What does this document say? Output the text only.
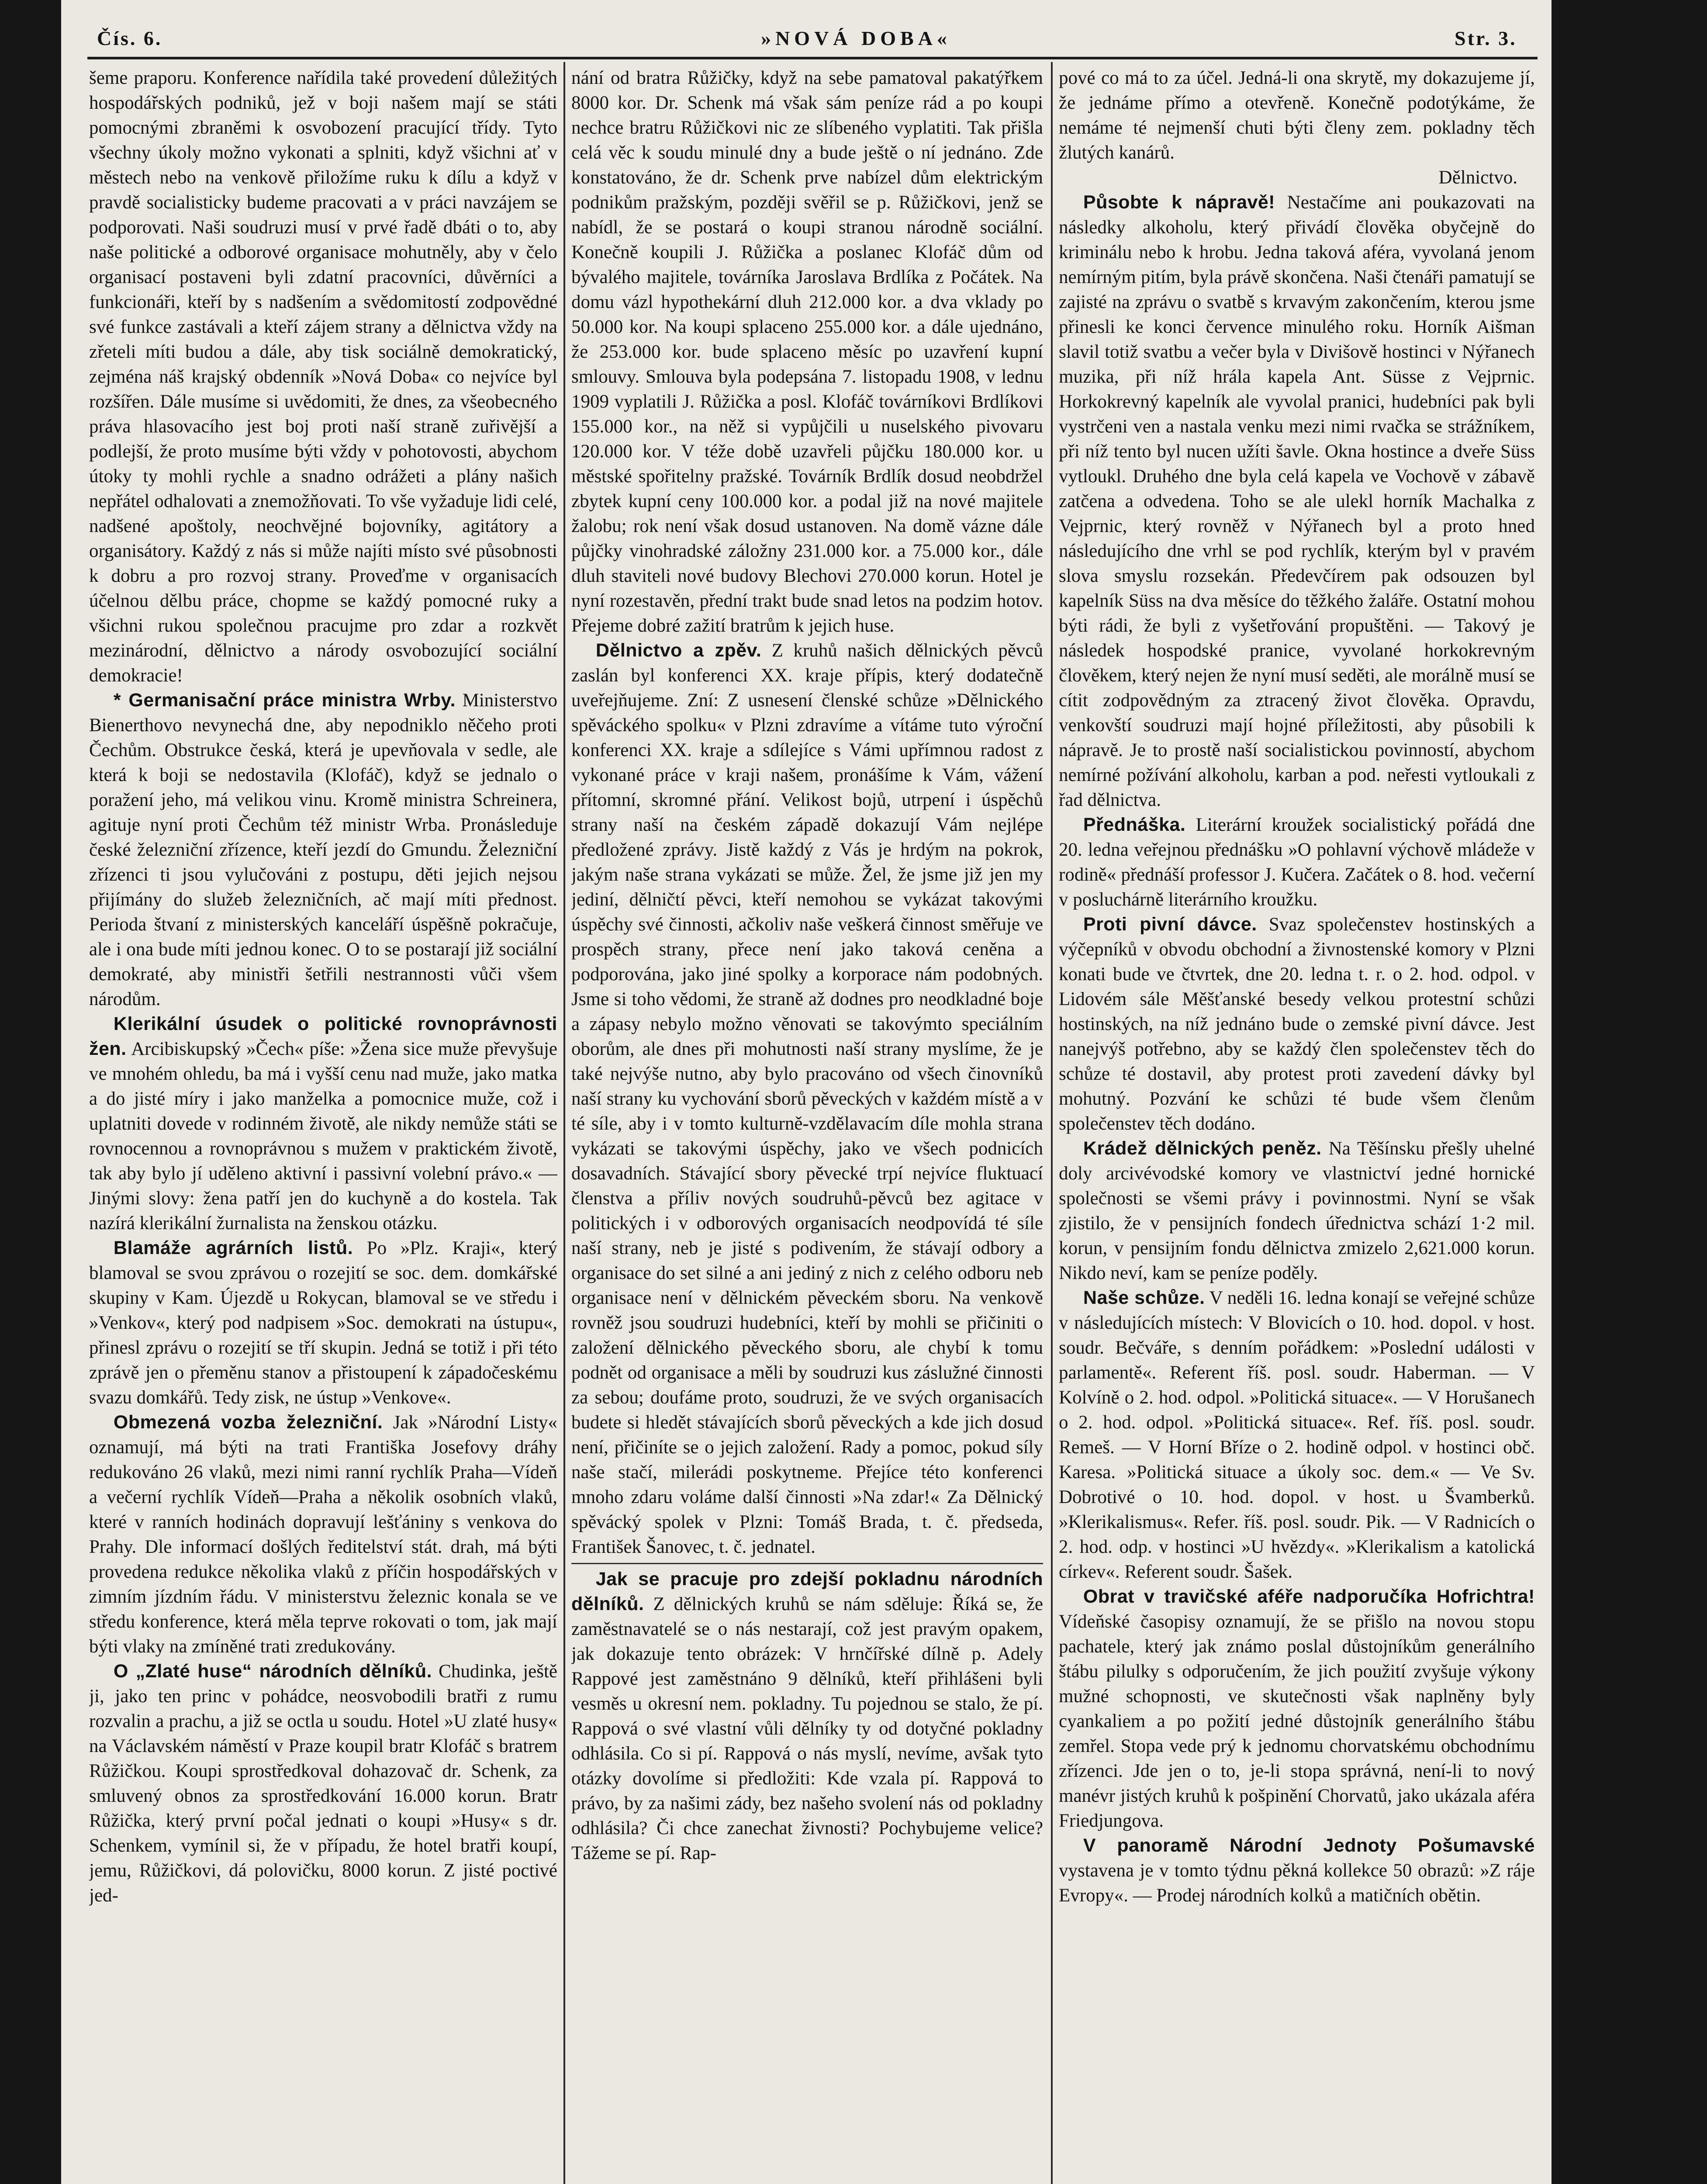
Čís. 6.	»NOVÁ DOBA«	Str. 3.

šeme praporu. Konference nařídila také provedení důležitých hospodářských podniků, jež v boji našem mají se státi pomocnými zbraněmi k osvobození pracující třídy. Tyto všechny úkoly možno vykonati a splniti, když všichni ať v městech nebo na venkově přiložíme ruku k dílu a když v pravdě socialisticky budeme pracovati a v práci navzájem se podporovati. Naši soudruzi musí v prvé řadě dbáti o to, aby naše politické a odborové organisace mohutněly, aby v čelo organisací postaveni byli zdatní pracovníci, důvěrníci a funkcionáři, kteří by s nadšením a svědomitostí zodpovědné své funkce zastávali a kteří zájem strany a dělnictva vždy na zřeteli míti budou a dále, aby tisk sociálně demokratický, zejména náš krajský obdenník »Nová Doba« co nejvíce byl rozšířen. Dále musíme si uvědomiti, že dnes, za všeobecného práva hlasovacího jest boj proti naší straně zuřivější a podlejší, že proto musíme býti vždy v pohotovosti, abychom útoky ty mohli rychle a snadno odrážeti a plány našich nepřátel odhalovati a znemožňovati. To vše vyžaduje lidi celé, nadšené apoštoly, neochvějné bojovníky, agitátory a organisátory. Každý z nás si může najíti místo své působnosti k dobru a pro rozvoj strany. Proveďme v organisacích účelnou dělbu práce, chopme se každý pomocné ruky a všichni rukou společnou pracujme pro zdar a rozkvět mezinárodní, dělnictvo a národy osvobozující sociální demokracie!

* Germanisační práce ministra Wrby. Ministerstvo Bienerthovo nevynechá dne, aby nepodniklo něčeho proti Čechům. Obstrukce česká, která je upevňovala v sedle, ale která k boji se nedostavila (Klofáč), když se jednalo o poražení jeho, má velikou vinu. Kromě ministra Schreinera, agituje nyní proti Čechům též ministr Wrba. Pronásleduje české železniční zřízence, kteří jezdí do Gmundu. Železniční zřízenci ti jsou vylučováni z postupu, děti jejich nejsou přijímány do služeb železničních, ač mají míti přednost. Perioda štvaní z ministerských kanceláří úspěšně pokračuje, ale i ona bude míti jednou konec. O to se postarají již sociální demokraté, aby ministři šetřili nestrannosti vůči všem národům.

Klerikální úsudek o politické rovnoprávnosti žen. Arcibiskupský »Čech« píše: »Žena sice muže převyšuje ve mnohém ohledu, ba má i vyšší cenu nad muže, jako matka a do jisté míry i jako manželka a pomocnice muže, což i uplatniti dovede v rodinném životě, ale nikdy nemůže státi se rovnocennou a rovnoprávnou s mužem v praktickém životě, tak aby bylo jí uděleno aktivní i passivní volební právo.« — Jinými slovy: žena patří jen do kuchyně a do kostela. Tak nazírá klerikální žurnalista na ženskou otázku.

Blamáže agrárních listů. Po »Plz. Kraji«, který blamoval se svou zprávou o rozejití se soc. dem. domkářské skupiny v Kam. Újezdě u Rokycan, blamoval se ve středu i »Venkov«, který pod nadpisem »Soc. demokrati na ústupu«, přinesl zprávu o rozejití se tří skupin. Jedná se totiž i při této zprávě jen o přeměnu stanov a přistoupení k západočeskému svazu domkářů. Tedy zisk, ne ústup »Venkove«.

Obmezená vozba železniční. Jak »Národní Listy« oznamují, má býti na trati Františka Josefovy dráhy redukováno 26 vlaků, mezi nimi ranní rychlík Praha—Vídeň a večerní rychlík Vídeň—Praha a několik osobních vlaků, které v ranních hodinách dopravují lešťániny s venkova do Prahy. Dle informací došlých ředitelství stát. drah, má býti provedena redukce několika vlaků z příčin hospodářských v zimním jízdním řádu. V ministerstvu železnic konala se ve středu konference, která měla teprve rokovati o tom, jak mají býti vlaky na zmíněné trati zredukovány.

O „Zlaté huse“ národních dělníků. Chudinka, ještě ji, jako ten princ v pohádce, neosvobodili bratři z rumu rozvalin a prachu, a již se octla u soudu. Hotel »U zlaté husy« na Václavském náměstí v Praze koupil bratr Klofáč s bratrem Růžičkou. Koupi sprostředkoval dohazovač dr. Schenk, za smluvený obnos za sprostředkování 16.000 korun. Bratr Růžička, který první počal jednati o koupi »Husy« s dr. Schenkem, vymínil si, že v případu, že hotel bratři koupí, jemu, Růžičkovi, dá polovičku, 8000 korun. Z jisté poctivé jed-

nání od bratra Růžičky, když na sebe pamatoval pakatýřkem 8000 kor. Dr. Schenk má však sám peníze rád a po koupi nechce bratru Růžičkovi nic ze slíbeného vyplatiti. Tak přišla celá věc k soudu minulé dny a bude ještě o ní jednáno. Zde konstatováno, že dr. Schenk prve nabízel dům elektrickým podnikům pražským, později svěřil se p. Růžičkovi, jenž se nabídl, že se postará o koupi stranou národně sociální. Konečně koupili J. Růžička a poslanec Klofáč dům od bývalého majitele, továrníka Jaroslava Brdlíka z Počátek. Na domu vázl hypothekární dluh 212.000 kor. a dva vklady po 50.000 kor. Na koupi splaceno 255.000 kor. a dále ujednáno, že 253.000 kor. bude splaceno měsíc po uzavření kupní smlouvy. Smlouva byla podepsána 7. listopadu 1908, v lednu 1909 vyplatili J. Růžička a posl. Klofáč továrníkovi Brdlíkovi 155.000 kor., na něž si vypůjčili u nuselského pivovaru 120.000 kor. V téže době uzavřeli půjčku 180.000 kor. u městské spořitelny pražské. Továrník Brdlík dosud neobdržel zbytek kupní ceny 100.000 kor. a podal již na nové majitele žalobu; rok není však dosud ustanoven. Na domě vázne dále půjčky vinohradské záložny 231.000 kor. a 75.000 kor., dále dluh staviteli nové budovy Blechovi 270.000 korun. Hotel je nyní rozestavěn, přední trakt bude snad letos na podzim hotov. Přejeme dobré zažití bratrům k jejich huse.

Dělnictvo a zpěv. Z kruhů našich dělnických pěvců zaslán byl konferenci XX. kraje přípis, který dodatečně uveřejňujeme. Zní: Z usnesení členské schůze »Dělnického spěváckého spolku« v Plzni zdravíme a vítáme tuto výroční konferenci XX. kraje a sdílejíce s Vámi upřímnou radost z vykonané práce v kraji našem, pronášíme k Vám, vážení přítomní, skromné přání. Velikost bojů, utrpení i úspěchů strany naší na českém západě dokazují Vám nejlépe předložené zprávy. Jistě každý z Vás je hrdým na pokrok, jakým naše strana vykázati se může. Žel, že jsme již jen my jediní, dělničtí pěvci, kteří nemohou se vykázat takovými úspěchy své činnosti, ačkoliv naše veškerá činnost směřuje ve prospěch strany, přece není jako taková ceněna a podporována, jako jiné spolky a korporace nám podobných. Jsme si toho vědomi, že straně až dodnes pro neodkladné boje a zápasy nebylo možno věnovati se takovýmto speciálním oborům, ale dnes při mohutnosti naší strany myslíme, že je také nejvýše nutno, aby bylo pracováno od všech činovníků naší strany ku vychování sborů pěveckých v každém místě a v té síle, aby i v tomto kulturně-vzdělavacím díle mohla strana vykázati se takovými úspěchy, jako ve všech podnicích dosavadních. Stávající sbory pěvecké trpí nejvíce fluktuací členstva a příliv nových soudruhů-pěvců bez agitace v politických i v odborových organisacích neodpovídá té síle naší strany, neb je jisté s podivením, že stávají odbory a organisace do set silné a ani jediný z nich z celého odboru neb organisace není v dělnickém pěveckém sboru. Na venkově rovněž jsou soudruzi hudebníci, kteří by mohli se přičiniti o založení dělnického pěveckého sboru, ale chybí k tomu podnět od organisace a měli by soudruzi kus záslužné činnosti za sebou; doufáme proto, soudruzi, že ve svých organisacích budete si hledět stávajících sborů pěveckých a kde jich dosud není, přičiníte se o jejich založení. Rady a pomoc, pokud síly naše stačí, milerádi poskytneme. Přejíce této konferenci mnoho zdaru voláme další činnosti »Na zdar!« Za Dělnický spěvácký spolek v Plzni: Tomáš Brada, t. č. předseda, František Šanovec, t. č. jednatel.

Jak se pracuje pro zdejší pokladnu národních dělníků. Z dělnických kruhů se nám sděluje: Říká se, že zaměstnavatelé se o nás nestarají, což jest pravým opakem, jak dokazuje tento obrázek: V hrnčířské dílně p. Adely Rappové jest zaměstnáno 9 dělníků, kteří přihlášeni byli vesměs u okresní nem. pokladny. Tu pojednou se stalo, že pí. Rappová o své vlastní vůli dělníky ty od dotyčné pokladny odhlásila. Co si pí. Rappová o nás myslí, nevíme, avšak tyto otázky dovolíme si předložiti: Kde vzala pí. Rappová to právo, by za našimi zády, bez našeho svolení nás od pokladny odhlásila? Či chce zanechat živnosti? Pochybujeme velice? Tážeme se pí. Rap-

pové co má to za účel. Jedná-li ona skrytě, my dokazujeme jí, že jednáme přímo a otevřeně. Konečně podotýkáme, že nemáme té nejmenší chuti býti členy zem. pokladny těch žlutých kanárů.

Dělnictvo.

Působte k nápravě! Nestačíme ani poukazovati na následky alkoholu, který přivádí člověka obyčejně do kriminálu nebo k hrobu. Jedna taková aféra, vyvolaná jenom nemírným pitím, byla právě skončena. Naši čtenáři pamatují se zajisté na zprávu o svatbě s krvavým zakončením, kterou jsme přinesli ke konci července minulého roku. Horník Aišman slavil totiž svatbu a večer byla v Divišově hostinci v Nýřanech muzika, při níž hrála kapela Ant. Süsse z Vejprnic. Horkokrevný kapelník ale vyvolal pranici, hudebníci pak byli vystrčeni ven a nastala venku mezi nimi rvačka se strážníkem, při níž tento byl nucen užíti šavle. Okna hostince a dveře Süss vytloukl. Druhého dne byla celá kapela ve Vochově v zábavě zatčena a odvedena. Toho se ale ulekl horník Machalka z Vejprnic, který rovněž v Nýřanech byl a proto hned následujícího dne vrhl se pod rychlík, kterým byl v pravém slova smyslu rozsekán. Předevčírem pak odsouzen byl kapelník Süss na dva měsíce do těžkého žaláře. Ostatní mohou býti rádi, že byli z vyšetřování propuštěni. — Takový je následek hospodské pranice, vyvolané horkokrevným člověkem, který nejen že nyní musí seděti, ale morálně musí se cítit zodpovědným za ztracený život člověka. Opravdu, venkovští soudruzi mají hojné příležitosti, aby působili k nápravě. Je to prostě naší socialistickou povinností, abychom nemírné požívání alkoholu, karban a pod. neřesti vytloukali z řad dělnictva.

Přednáška. Literární kroužek socialistický pořádá dne 20. ledna veřejnou přednášku »O pohlavní výchově mládeže v rodině« přednáší professor J. Kučera. Začátek o 8. hod. večerní v posluchárně literárního kroužku.

Proti pivní dávce. Svaz společenstev hostinských a výčepníků v obvodu obchodní a živnostenské komory v Plzni konati bude ve čtvrtek, dne 20. ledna t. r. o 2. hod. odpol. v Lidovém sále Měšťanské besedy velkou protestní schůzi hostinských, na níž jednáno bude o zemské pivní dávce. Jest nanejvýš potřebno, aby se každý člen společenstev těch do schůze té dostavil, aby protest proti zavedení dávky byl mohutný. Pozvání ke schůzi té bude všem členům společenstev těch dodáno.

Krádež dělnických peněz. Na Těšínsku přešly uhelné doly arcivévodské komory ve vlastnictví jedné hornické společnosti se všemi právy i povinnostmi. Nyní se však zjistilo, že v pensijních fondech úřednictva schází 1·2 mil. korun, v pensijním fondu dělnictva zmizelo 2,621.000 korun. Nikdo neví, kam se peníze poděly.

Naše schůze. V neděli 16. ledna konají se veřejné schůze v následujících místech: V Blovicích o 10. hod. dopol. v host. soudr. Bečváře, s denním pořádkem: »Poslední události v parlamentě«. Referent říš. posl. soudr. Haberman. — V Kolvíně o 2. hod. odpol. »Politická situace«. — V Horušanech o 2. hod. odpol. »Politická situace«. Ref. říš. posl. soudr. Remeš. — V Horní Bříze o 2. hodině odpol. v hostinci obč. Karesa. »Politická situace a úkoly soc. dem.« — Ve Sv. Dobrotivé o 10. hod. dopol. v host. u Švamberků. »Klerikalismus«. Refer. říš. posl. soudr. Pik. — V Radnicích o 2. hod. odp. v hostinci »U hvězdy«. »Klerikalism a katolická církev«. Referent soudr. Šašek.

Obrat v travičské aféře nadporučíka Hofrichtra! Vídeňské časopisy oznamují, že se přišlo na novou stopu pachatele, který jak známo poslal důstojníkům generálního štábu pilulky s odporučením, že jich použití zvyšuje výkony mužné schopnosti, ve skutečnosti však naplněny byly cyankaliem a po požití jedné důstojník generálního štábu zemřel. Stopa vede prý k jednomu chorvatskému obchodnímu zřízenci. Jde jen o to, je-li stopa správná, není-li to nový manévr jistých kruhů k pošpinění Chorvatů, jako ukázala aféra Friedjungova.

V panoramě Národní Jednoty Pošumavské vystavena je v tomto týdnu pěkná kollekce 50 obrazů: »Z ráje Evropy«. — Prodej národních kolků a matičních obětin.
